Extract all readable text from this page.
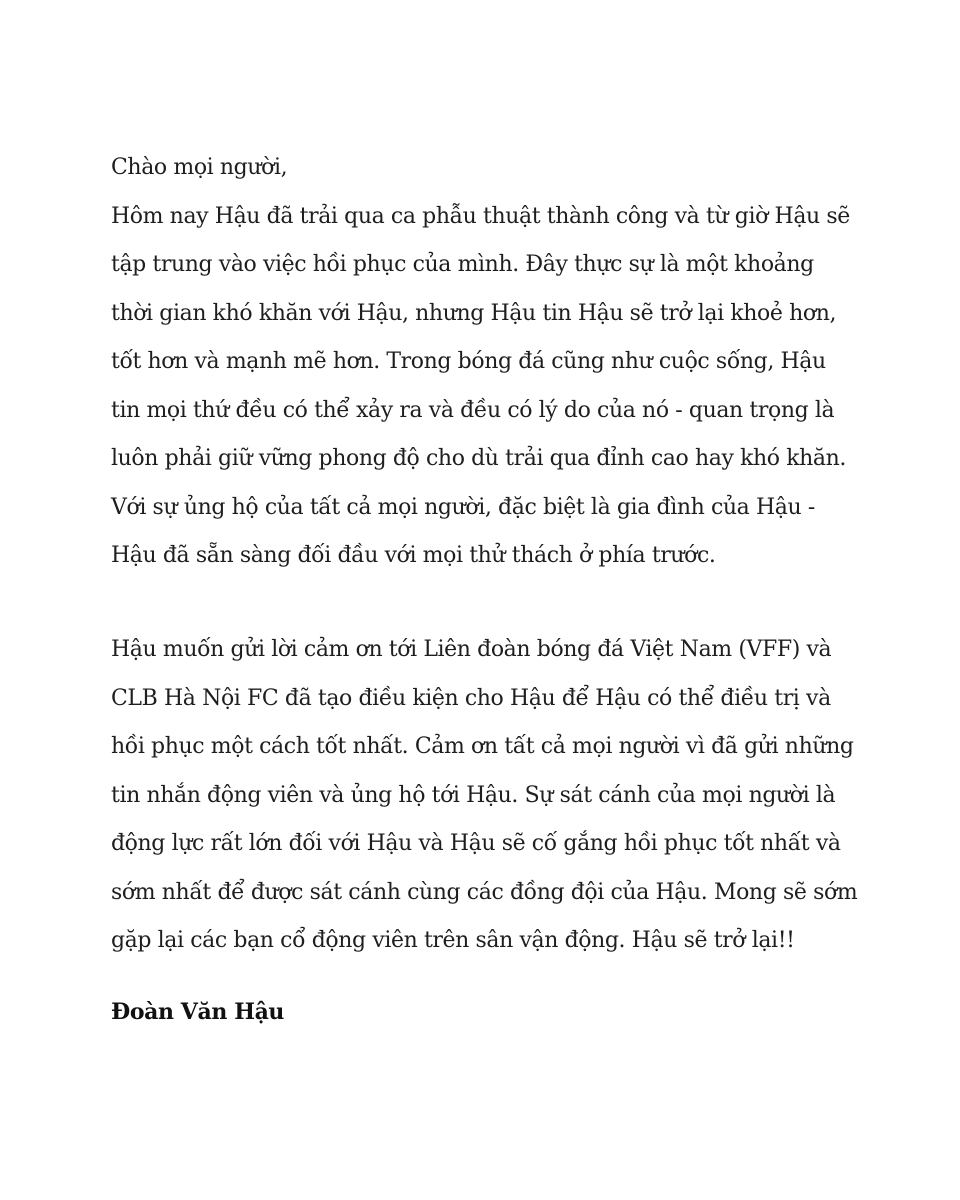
Chào mọi người,
Hôm nay Hậu đã trải qua ca phẫu thuật thành công và từ giờ Hậu sẽ
tập trung vào việc hồi phục của mình. Đây thực sự là một khoảng
thời gian khó khăn với Hậu, nhưng Hậu tin Hậu sẽ trở lại khoẻ hơn,
tốt hơn và mạnh mẽ hơn. Trong bóng đá cũng như cuộc sống, Hậu
tin mọi thứ đều có thể xảy ra và đều có lý do của nó - quan trọng là
luôn phải giữ vững phong độ cho dù trải qua đỉnh cao hay khó khăn.
Với sự ủng hộ của tất cả mọi người, đặc biệt là gia đình của Hậu -
Hậu đã sẵn sàng đối đầu với mọi thử thách ở phía trước.
Hậu muốn gửi lời cảm ơn tới Liên đoàn bóng đá Việt Nam (VFF) và
CLB Hà Nội FC đã tạo điều kiện cho Hậu để Hậu có thể điều trị và
hồi phục một cách tốt nhất. Cảm ơn tất cả mọi người vì đã gửi những
tin nhắn động viên và ủng hộ tới Hậu. Sự sát cánh của mọi người là
động lực rất lớn đối với Hậu và Hậu sẽ cố gắng hồi phục tốt nhất và
sớm nhất để được sát cánh cùng các đồng đội của Hậu. Mong sẽ sớm
gặp lại các bạn cổ động viên trên sân vận động. Hậu sẽ trở lại!!
Đoàn Văn Hậu
